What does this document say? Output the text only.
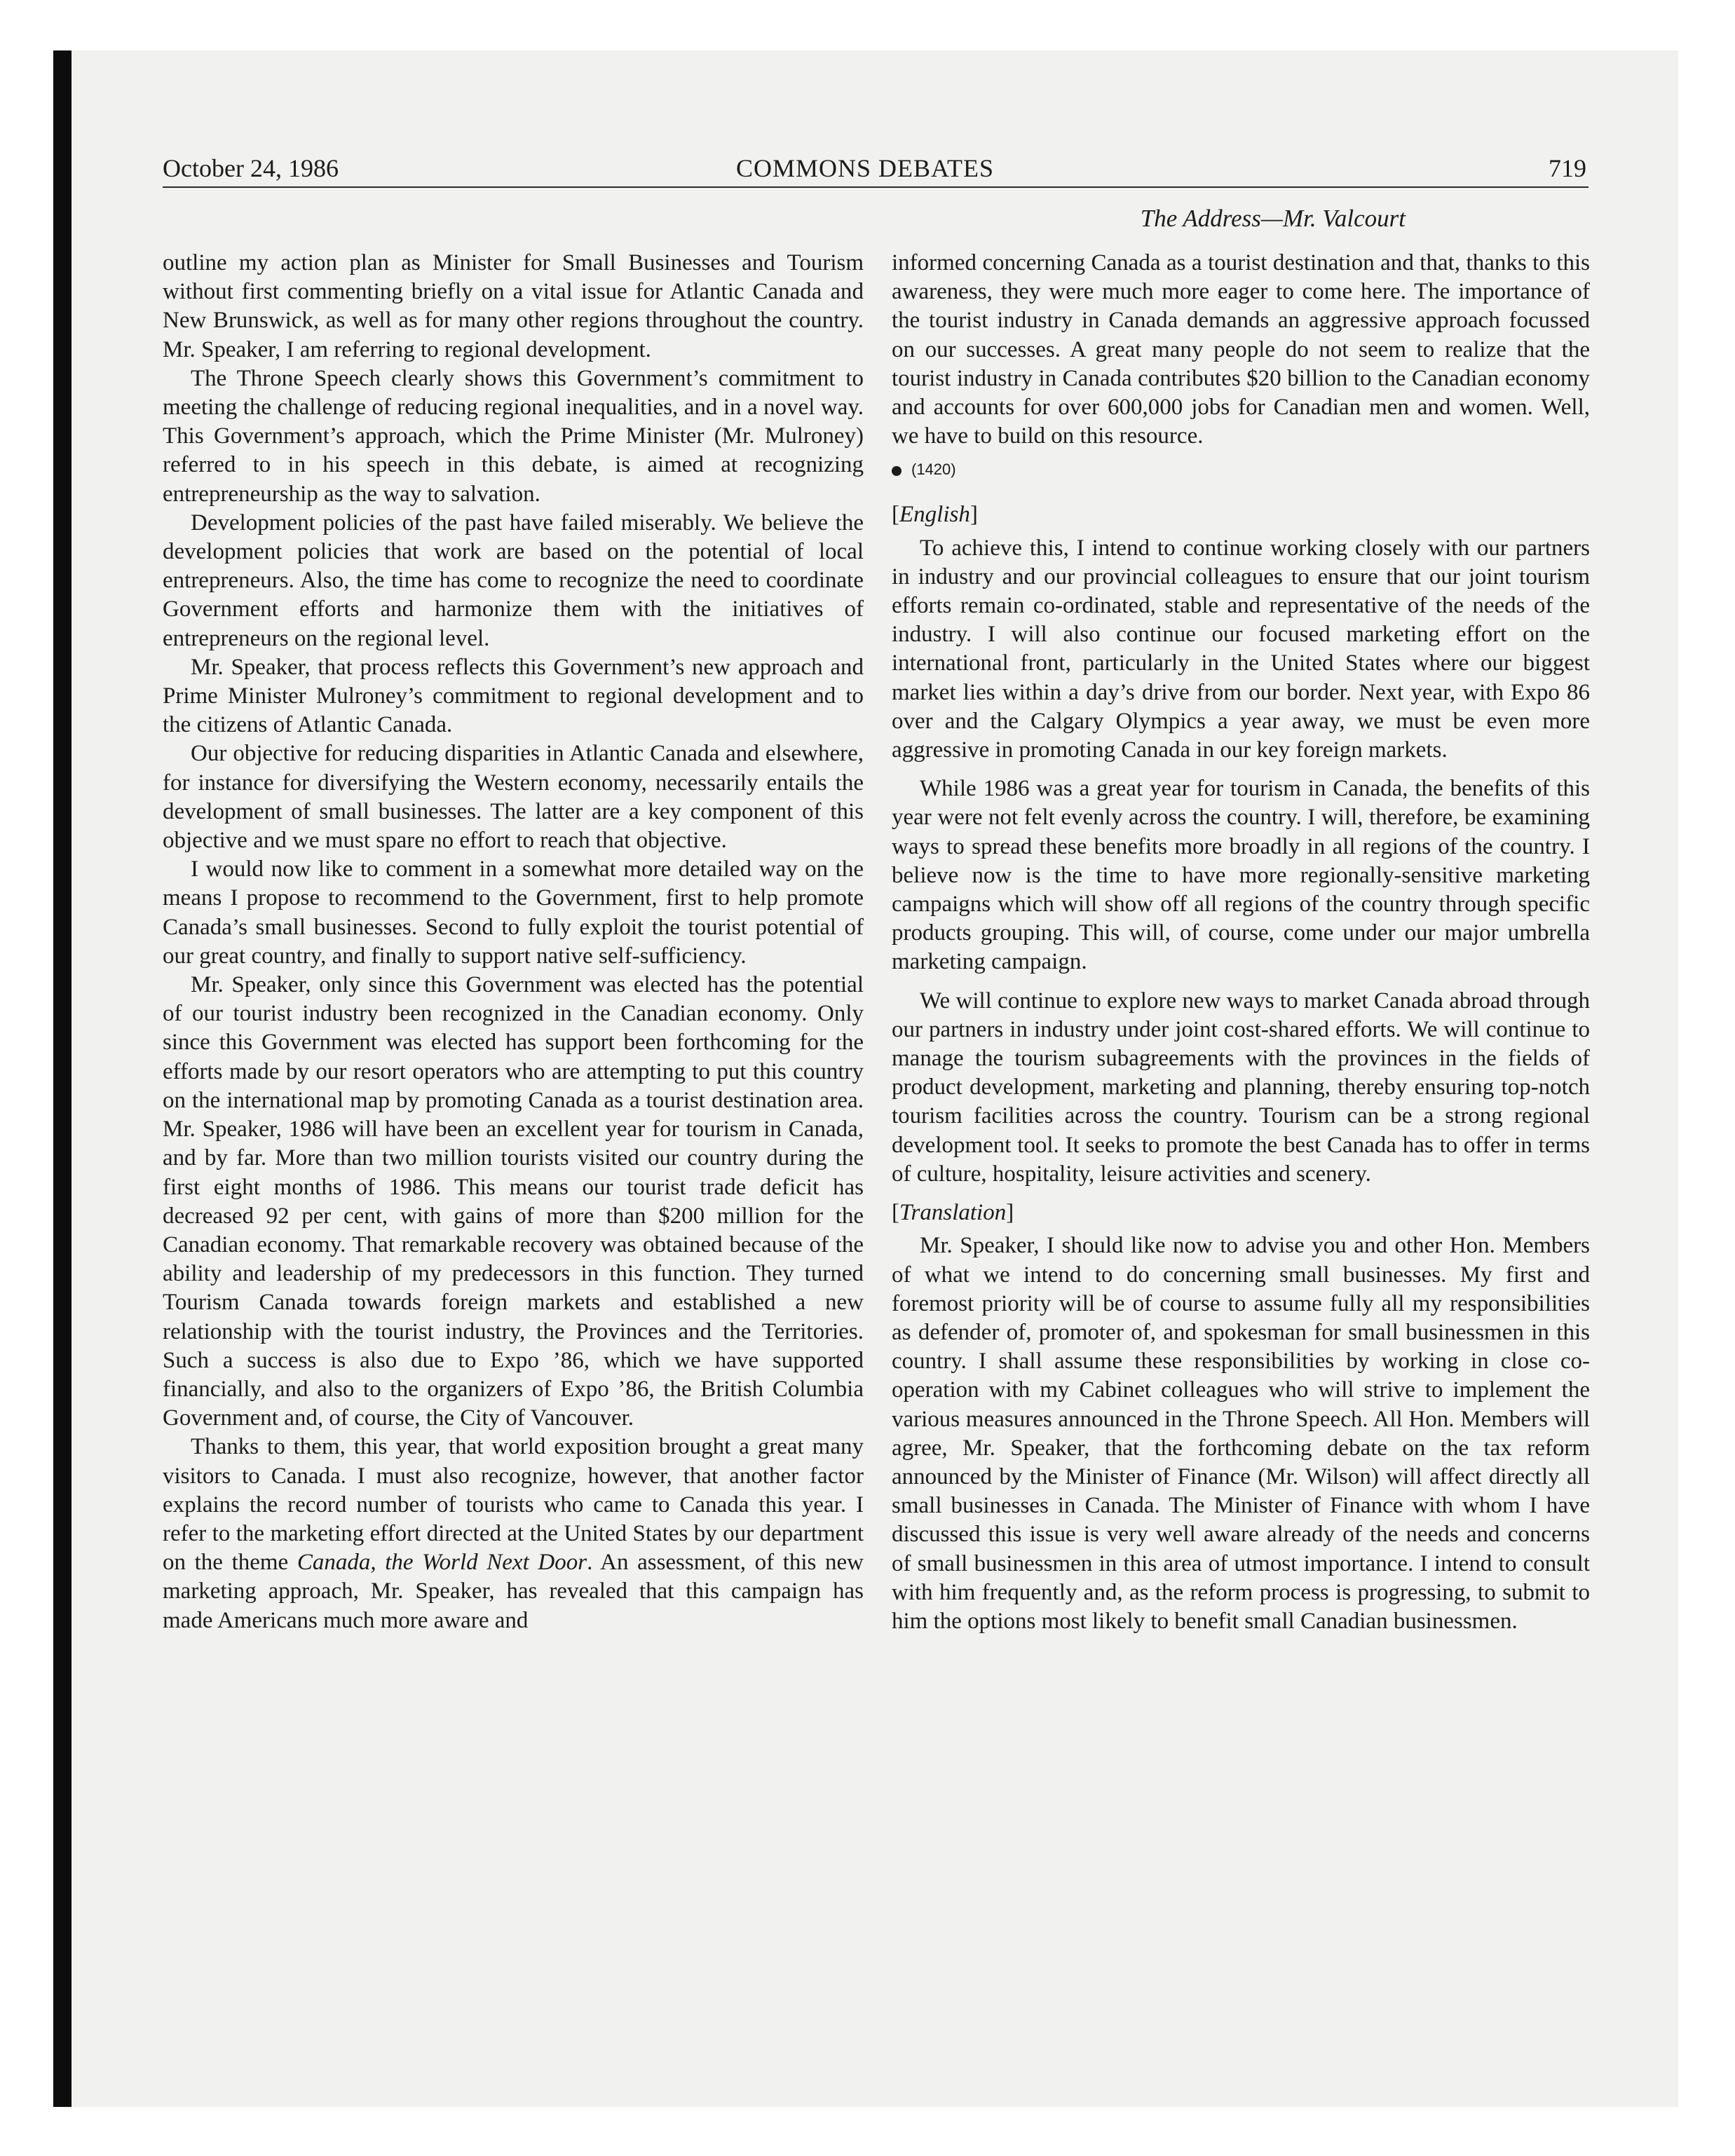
October 24, 1986	COMMONS DEBATES	719
The Address—Mr. Valcourt

outline my action plan as Minister for Small Businesses and Tourism without first commenting briefly on a vital issue for Atlantic Canada and New Brunswick, as well as for many other regions throughout the country. Mr. Speaker, I am referring to regional development.

The Throne Speech clearly shows this Government’s commitment to meeting the challenge of reducing regional inequalities, and in a novel way. This Government’s approach, which the Prime Minister (Mr. Mulroney) referred to in his speech in this debate, is aimed at recognizing entrepreneurship as the way to salvation.

Development policies of the past have failed miserably. We believe the development policies that work are based on the potential of local entrepreneurs. Also, the time has come to recognize the need to coordinate Government efforts and harmonize them with the initiatives of entrepreneurs on the regional level.

Mr. Speaker, that process reflects this Government’s new approach and Prime Minister Mulroney’s commitment to regional development and to the citizens of Atlantic Canada.

Our objective for reducing disparities in Atlantic Canada and elsewhere, for instance for diversifying the Western economy, necessarily entails the development of small businesses. The latter are a key component of this objective and we must spare no effort to reach that objective.

I would now like to comment in a somewhat more detailed way on the means I propose to recommend to the Government, first to help promote Canada’s small businesses. Second to fully exploit the tourist potential of our great country, and finally to support native self-sufficiency.

Mr. Speaker, only since this Government was elected has the potential of our tourist industry been recognized in the Canadian economy. Only since this Government was elected has support been forthcoming for the efforts made by our resort operators who are attempting to put this country on the international map by promoting Canada as a tourist destination area. Mr. Speaker, 1986 will have been an excellent year for tourism in Canada, and by far. More than two million tourists visited our country during the first eight months of 1986. This means our tourist trade deficit has decreased 92 per cent, with gains of more than $200 million for the Canadian economy. That remarkable recovery was obtained because of the ability and leadership of my predecessors in this function. They turned Tourism Canada towards foreign markets and established a new relationship with the tourist industry, the Provinces and the Territories. Such a success is also due to Expo ’86, which we have supported financially, and also to the organizers of Expo ’86, the British Columbia Government and, of course, the City of Vancouver.

Thanks to them, this year, that world exposition brought a great many visitors to Canada. I must also recognize, however, that another factor explains the record number of tourists who came to Canada this year. I refer to the marketing effort directed at the United States by our department on the theme Canada, the World Next Door. An assessment, of this new marketing approach, Mr. Speaker, has revealed that this campaign has made Americans much more aware and

informed concerning Canada as a tourist destination and that, thanks to this awareness, they were much more eager to come here. The importance of the tourist industry in Canada demands an aggressive approach focussed on our successes. A great many people do not seem to realize that the tourist industry in Canada contributes $20 billion to the Canadian economy and accounts for over 600,000 jobs for Canadian men and women. Well, we have to build on this resource.

(1420)
[English]

To achieve this, I intend to continue working closely with our partners in industry and our provincial colleagues to ensure that our joint tourism efforts remain co-ordinated, stable and representative of the needs of the industry. I will also continue our focused marketing effort on the international front, particularly in the United States where our biggest market lies within a day’s drive from our border. Next year, with Expo 86 over and the Calgary Olympics a year away, we must be even more aggressive in promoting Canada in our key foreign markets.

While 1986 was a great year for tourism in Canada, the benefits of this year were not felt evenly across the country. I will, therefore, be examining ways to spread these benefits more broadly in all regions of the country. I believe now is the time to have more regionally-sensitive marketing campaigns which will show off all regions of the country through specific products grouping. This will, of course, come under our major umbrella marketing campaign.

We will continue to explore new ways to market Canada abroad through our partners in industry under joint cost-shared efforts. We will continue to manage the tourism subagreements with the provinces in the fields of product development, marketing and planning, thereby ensuring top-notch tourism facilities across the country. Tourism can be a strong regional development tool. It seeks to promote the best Canada has to offer in terms of culture, hospitality, leisure activities and scenery.

[Translation]

Mr. Speaker, I should like now to advise you and other Hon. Members of what we intend to do concerning small businesses. My first and foremost priority will be of course to assume fully all my responsibilities as defender of, promoter of, and spokesman for small businessmen in this country. I shall assume these responsibilities by working in close co-operation with my Cabinet colleagues who will strive to implement the various measures announced in the Throne Speech. All Hon. Members will agree, Mr. Speaker, that the forthcoming debate on the tax reform announced by the Minister of Finance (Mr. Wilson) will affect directly all small businesses in Canada. The Minister of Finance with whom I have discussed this issue is very well aware already of the needs and concerns of small businessmen in this area of utmost importance. I intend to consult with him frequently and, as the reform process is progressing, to submit to him the options most likely to benefit small Canadian businessmen.
